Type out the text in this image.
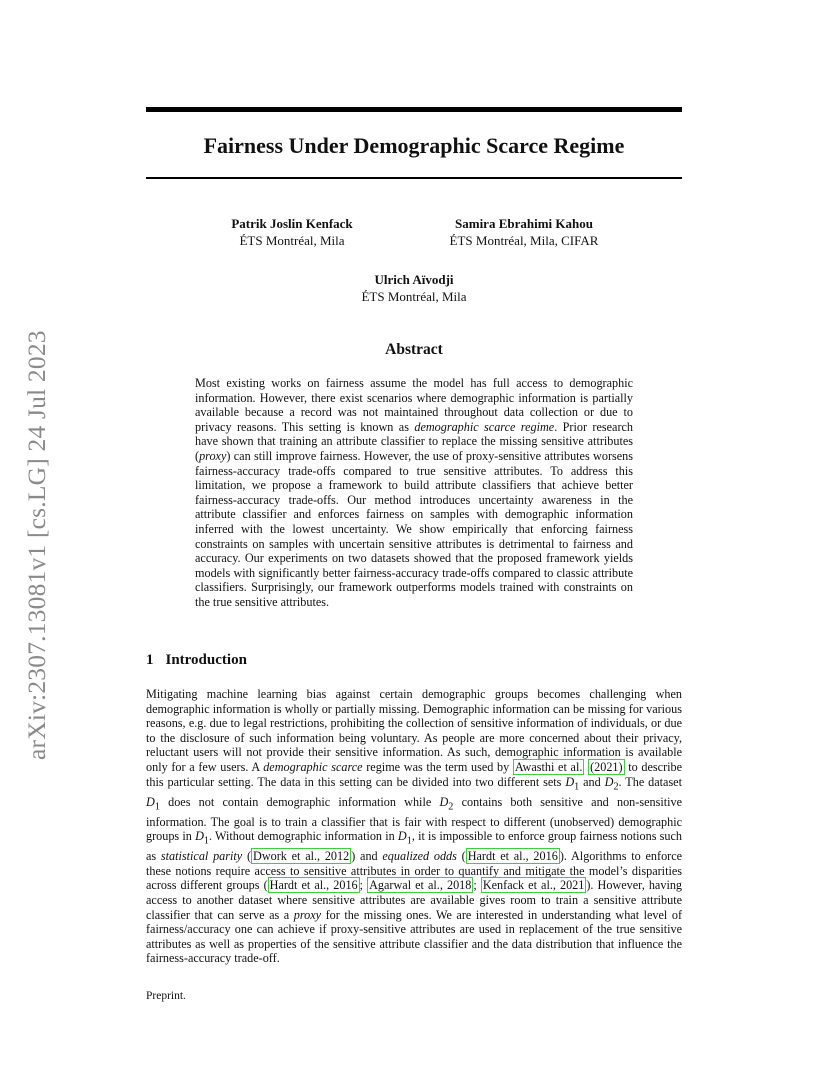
arXiv:2307.13081v1 [cs.LG] 24 Jul 2023
Fairness Under Demographic Scarce Regime
Patrik Joslin Kenfack
ÉTS Montréal, Mila
Samira Ebrahimi Kahou
ÉTS Montréal, Mila, CIFAR
Ulrich Aïvodji
ÉTS Montréal, Mila
Abstract
Most existing works on fairness assume the model has full access to demographic information. However, there exist scenarios where demographic information is partially available because a record was not maintained throughout data collection or due to privacy reasons. This setting is known as demographic scarce regime. Prior research have shown that training an attribute classifier to replace the missing sensitive attributes (proxy) can still improve fairness. However, the use of proxy-sensitive attributes worsens fairness-accuracy trade-offs compared to true sensitive attributes. To address this limitation, we propose a framework to build attribute classifiers that achieve better fairness-accuracy trade-offs. Our method introduces uncertainty awareness in the attribute classifier and enforces fairness on samples with demographic information inferred with the lowest uncertainty. We show empirically that enforcing fairness constraints on samples with uncertain sensitive attributes is detrimental to fairness and accuracy. Our experiments on two datasets showed that the proposed framework yields models with significantly better fairness-accuracy trade-offs compared to classic attribute classifiers. Surprisingly, our framework outperforms models trained with constraints on the true sensitive attributes.
1 Introduction
Mitigating machine learning bias against certain demographic groups becomes challenging when demographic information is wholly or partially missing. Demographic information can be missing for various reasons, e.g. due to legal restrictions, prohibiting the collection of sensitive information of individuals, or due to the disclosure of such information being voluntary. As people are more concerned about their privacy, reluctant users will not provide their sensitive information. As such, demographic information is available only for a few users. A demographic scarce regime was the term used by Awasthi et al. (2021) to describe this particular setting. The data in this setting can be divided into two different sets $D_1$ and $D_2$. The dataset $D_1$ does not contain demographic information while $D_2$ contains both sensitive and non-sensitive information. The goal is to train a classifier that is fair with respect to different (unobserved) demographic groups in $D_1$. Without demographic information in $D_1$, it is impossible to enforce group fairness notions such as statistical parity ( Dwork et al., 2012 ) and equalized odds ( Hardt et al., 2016 ). Algorithms to enforce these notions require access to sensitive attributes in order to quantify and mitigate the model’s disparities across different groups ( Hardt et al., 2016 ; Agarwal et al., 2018 ; Kenfack et al., 2021 ). However, having access to another dataset where sensitive attributes are available gives room to train a sensitive attribute classifier that can serve as a proxy for the missing ones. We are interested in understanding what level of fairness/accuracy one can achieve if proxy-sensitive attributes are used in replacement of the true sensitive attributes as well as properties of the sensitive attribute classifier and the data distribution that influence the fairness-accuracy trade-off.
Preprint.
